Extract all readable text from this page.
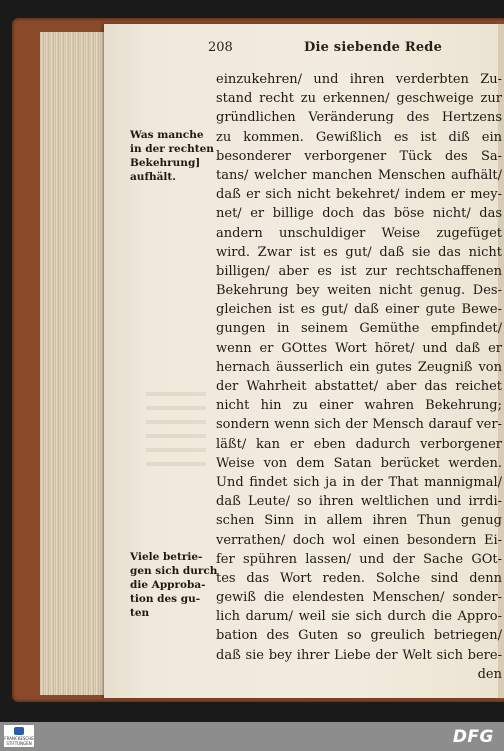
208	Die siebende Rede
einzukehren/ und ihren verderbten Zu-
stand recht zu erkennen/ geschweige zur
gründlichen Veränderung des Hertzens
zu kommen. Gewißlich es ist diß ein
besonderer verborgener Tück des Sa-
tans/ welcher manchen Menschen aufhält/
daß er sich nicht bekehret/ indem er mey-
net/ er billige doch das böse nicht/ das
andern unschuldiger Weise zugefüget
wird. Zwar ist es gut/ daß sie das nicht
billigen/ aber es ist zur rechtschaffenen
Bekehrung bey weiten nicht genug. Des-
gleichen ist es gut/ daß einer gute Bewe-
gungen in seinem Gemüthe empfindet/
wenn er GOttes Wort höret/ und daß er
hernach äusserlich ein gutes Zeugniß von
der Wahrheit abstattet/ aber das reichet
nicht hin zu einer wahren Bekehrung;
sondern wenn sich der Mensch darauf ver-
läßt/ kan er eben dadurch verborgener
Weise von dem Satan berücket werden.
Und findet sich ja in der That mannigmal/
daß Leute/ so ihren weltlichen und irrdi-
schen Sinn in allem ihren Thun genug
verrathen/ doch wol einen besondern Ei-
fer spühren lassen/ und der Sache GOt-
tes das Wort reden. Solche sind denn
gewiß die elendesten Menschen/ sonder-
lich darum/ weil sie sich durch die Appro-
bation des Guten so greulich betriegen/
daß sie bey ihrer Liebe der Welt sich bere-
den
Was manche
in der rechten
Bekehrung]
aufhält.
Viele betrie-
gen sich durch
die Approba-
tion des gu-
ten
FRANCKESCHE STIFTUNGEN	DFG
